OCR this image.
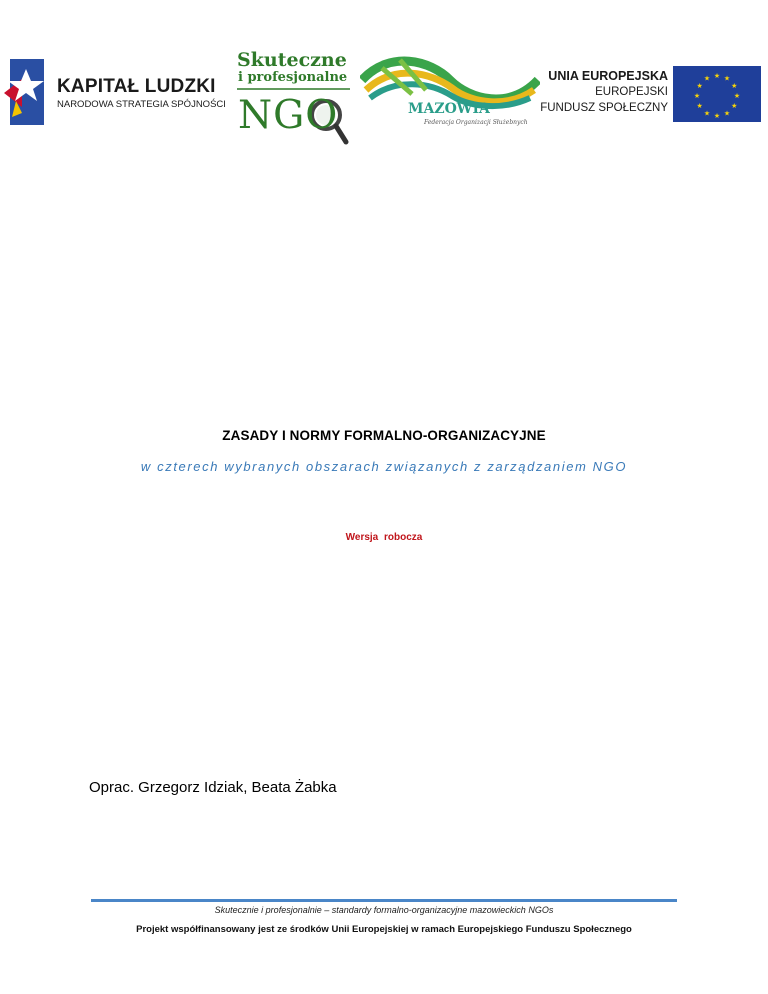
KAPITAŁ LUDZKI
NARODOWA STRATEGIA SPÓJNOŚCI
Skuteczne
i profesjonalne
NGO	MAZOWIA
Federacja Organizacji Służebnych
UNIA EUROPEJSKA
EUROPEJSKI
FUNDUSZ SPOŁECZNY
★ ★
★
★
★
★
★
★
★
★
★
★
ZASADY I NORMY FORMALNO-ORGANIZACYJNE
w czterech wybranych obszarach związanych z zarządzaniem NGO
Wersja robocza
Oprac. Grzegorz Idziak, Beata Żabka
Skutecznie i profesjonalnie – standardy formalno-organizacyjne mazowieckich NGOs
Projekt współfinansowany jest ze środków Unii Europejskiej w ramach Europejskiego Funduszu Społecznego
